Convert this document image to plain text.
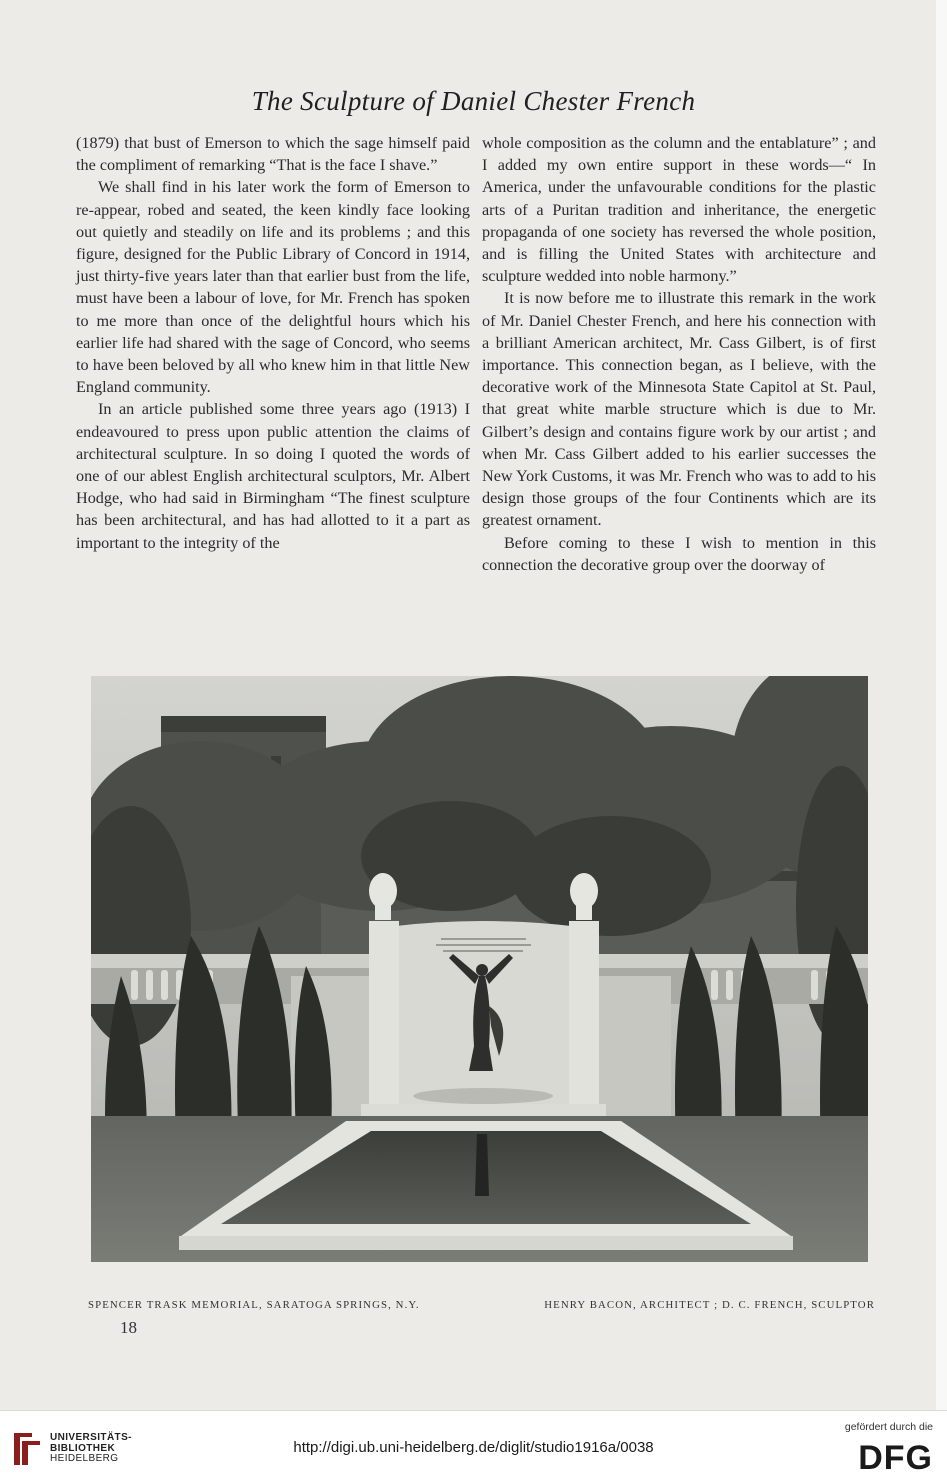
The Sculpture of Daniel Chester French

(1879) that bust of Emerson to which the sage himself paid the compliment of remarking “That is the face I shave.”

We shall find in his later work the form of Emerson to re-appear, robed and seated, the keen kindly face looking out quietly and steadily on life and its problems ; and this figure, designed for the Public Library of Concord in 1914, just thirty-five years later than that earlier bust from the life, must have been a labour of love, for Mr. French has spoken to me more than once of the delightful hours which his earlier life had shared with the sage of Concord, who seems to have been beloved by all who knew him in that little New England community.

In an article published some three years ago (1913) I endeavoured to press upon public attention the claims of architectural sculpture. In so doing I quoted the words of one of our ablest English architectural sculptors, Mr. Albert Hodge, who had said in Birmingham “The finest sculpture has been architectural, and has had allotted to it a part as important to the integrity of the

whole composition as the column and the entablature” ; and I added my own entire support in these words—“ In America, under the unfavourable conditions for the plastic arts of a Puritan tradition and inheritance, the energetic propaganda of one society has reversed the whole position, and is filling the United States with architecture and sculpture wedded into noble harmony.”

It is now before me to illustrate this remark in the work of Mr. Daniel Chester French, and here his connection with a brilliant American architect, Mr. Cass Gilbert, is of first importance. This connection began, as I believe, with the decorative work of the Minnesota State Capitol at St. Paul, that great white marble structure which is due to Mr. Gilbert’s design and contains figure work by our artist ; and when Mr. Cass Gilbert added to his earlier successes the New York Customs, it was Mr. French who was to add to his design those groups of the four Continents which are its greatest ornament.

Before coming to these I wish to mention in this connection the decorative group over the doorway of

SPENCER TRASK MEMORIAL, SARATOGA SPRINGS, N.Y.	HENRY BACON, ARCHITECT ; D. C. FRENCH, SCULPTOR
18
UNIVERSITÄTS-
BIBLIOTHEK
HEIDELBERG
http://digi.ub.uni-heidelberg.de/diglit/studio1916a/0038
gefördert durch die
DFG
